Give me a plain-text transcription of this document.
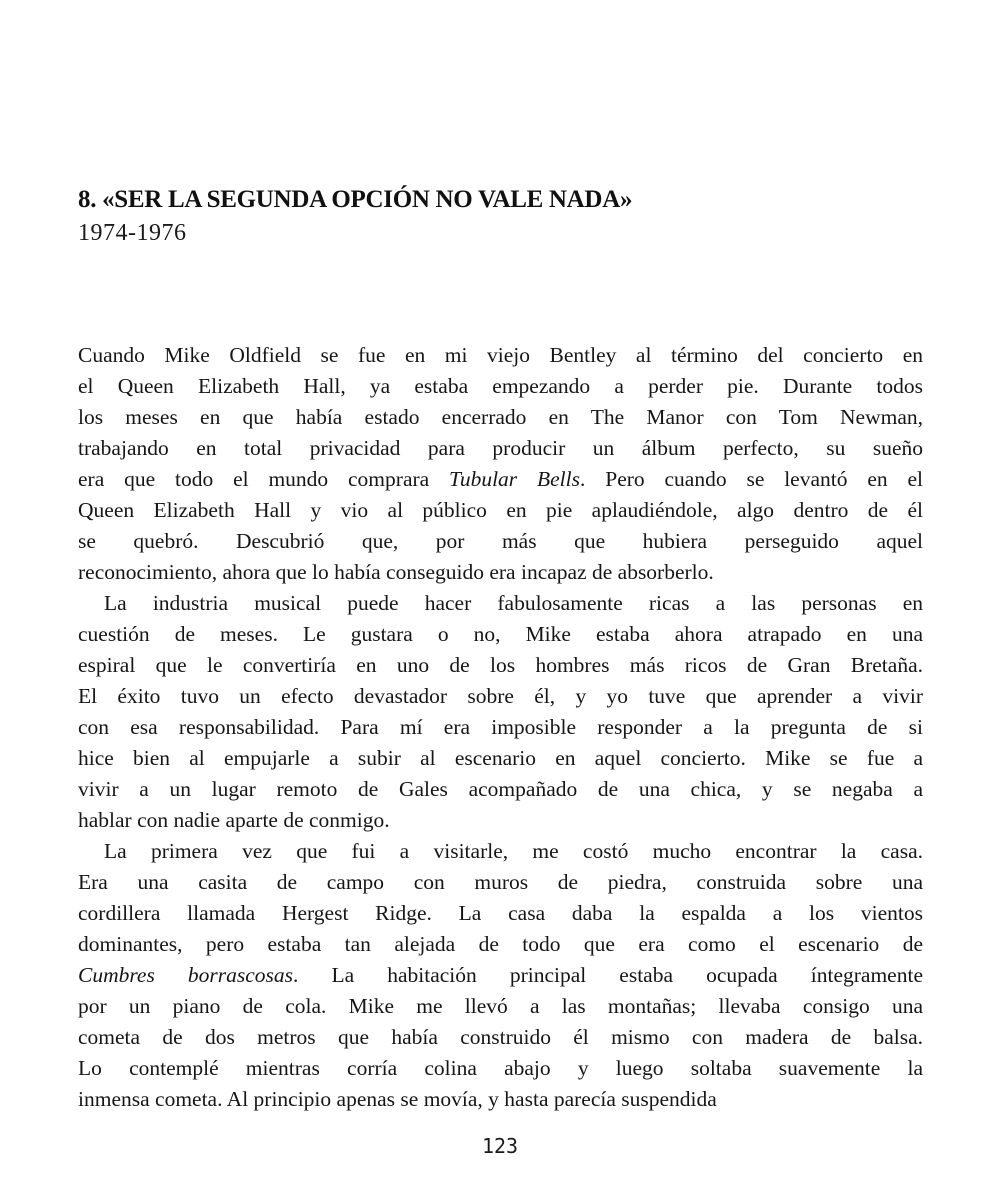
8. «SER LA SEGUNDA OPCIÓN NO VALE NADA»
1974-1976
Cuando Mike Oldfield se fue en mi viejo Bentley al término del concierto en
el Queen Elizabeth Hall, ya estaba empezando a perder pie. Durante todos
los meses en que había estado encerrado en The Manor con Tom Newman,
trabajando en total privacidad para producir un álbum perfecto, su sueño
era que todo el mundo comprara Tubular Bells. Pero cuando se levantó en el
Queen Elizabeth Hall y vio al público en pie aplaudiéndole, algo dentro de él
se quebró. Descubrió que, por más que hubiera perseguido aquel
reconocimiento, ahora que lo había conseguido era incapaz de absorberlo.
La industria musical puede hacer fabulosamente ricas a las personas en
cuestión de meses. Le gustara o no, Mike estaba ahora atrapado en una
espiral que le convertiría en uno de los hombres más ricos de Gran Bretaña.
El éxito tuvo un efecto devastador sobre él, y yo tuve que aprender a vivir
con esa responsabilidad. Para mí era imposible responder a la pregunta de si
hice bien al empujarle a subir al escenario en aquel concierto. Mike se fue a
vivir a un lugar remoto de Gales acompañado de una chica, y se negaba a
hablar con nadie aparte de conmigo.
La primera vez que fui a visitarle, me costó mucho encontrar la casa.
Era una casita de campo con muros de piedra, construida sobre una
cordillera llamada Hergest Ridge. La casa daba la espalda a los vientos
dominantes, pero estaba tan alejada de todo que era como el escenario de
Cumbres borrascosas. La habitación principal estaba ocupada íntegramente
por un piano de cola. Mike me llevó a las montañas; llevaba consigo una
cometa de dos metros que había construido él mismo con madera de balsa.
Lo contemplé mientras corría colina abajo y luego soltaba suavemente la
inmensa cometa. Al principio apenas se movía, y hasta parecía suspendida
123
